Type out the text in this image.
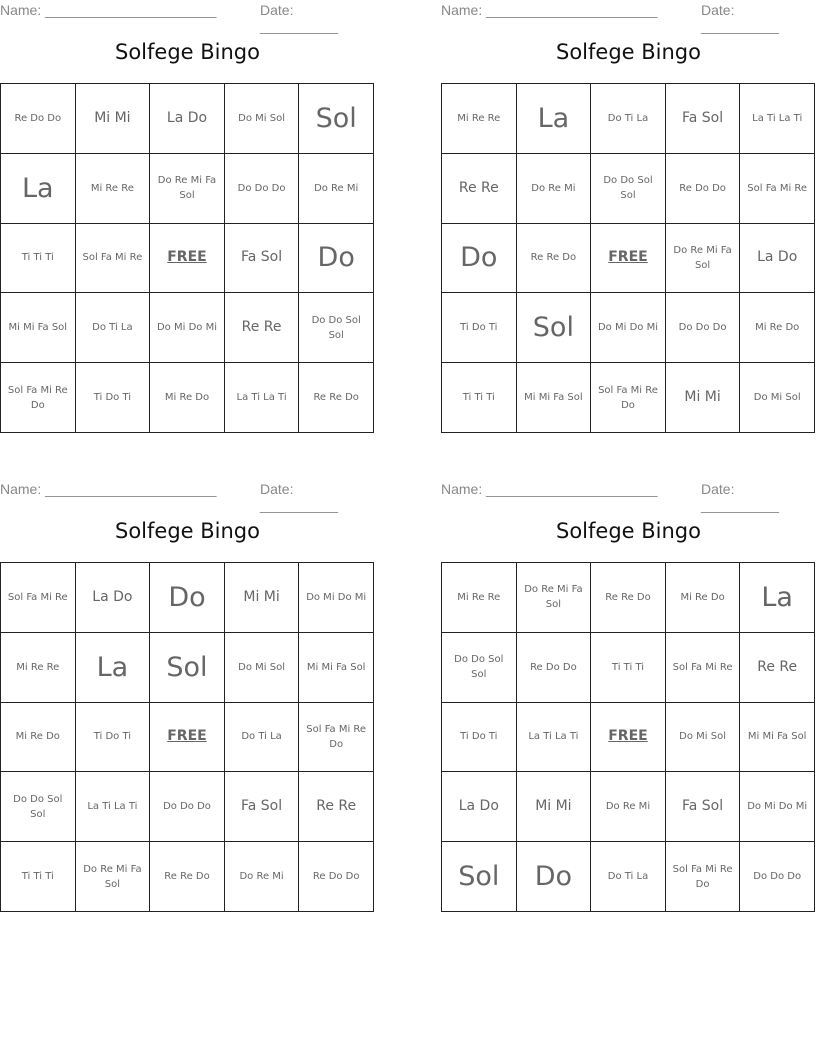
Name: ______________________	Date: __________
Solfege Bingo
Re Do Do	Mi Mi	La Do	Do Mi Sol	Sol
La	Mi Re Re	Do Re Mi Fa Sol	Do Do Do	Do Re Mi
Ti Ti Ti	Sol Fa Mi Re	FREE	Fa Sol	Do
Mi Mi Fa Sol	Do Ti La	Do Mi Do Mi	Re Re	Do Do Sol Sol
Sol Fa Mi Re Do	Ti Do Ti	Mi Re Do	La Ti La Ti	Re Re Do
Name: ______________________	Date: __________
Solfege Bingo
Mi Re Re	La	Do Ti La	Fa Sol	La Ti La Ti
Re Re	Do Re Mi	Do Do Sol Sol	Re Do Do	Sol Fa Mi Re
Do	Re Re Do	FREE	Do Re Mi Fa Sol	La Do
Ti Do Ti	Sol	Do Mi Do Mi	Do Do Do	Mi Re Do
Ti Ti Ti	Mi Mi Fa Sol	Sol Fa Mi Re Do	Mi Mi	Do Mi Sol
Name: ______________________	Date: __________
Solfege Bingo
Sol Fa Mi Re	La Do	Do	Mi Mi	Do Mi Do Mi
Mi Re Re	La	Sol	Do Mi Sol	Mi Mi Fa Sol
Mi Re Do	Ti Do Ti	FREE	Do Ti La	Sol Fa Mi Re Do
Do Do Sol Sol	La Ti La Ti	Do Do Do	Fa Sol	Re Re
Ti Ti Ti	Do Re Mi Fa Sol	Re Re Do	Do Re Mi	Re Do Do
Name: ______________________	Date: __________
Solfege Bingo
Mi Re Re	Do Re Mi Fa Sol	Re Re Do	Mi Re Do	La
Do Do Sol Sol	Re Do Do	Ti Ti Ti	Sol Fa Mi Re	Re Re
Ti Do Ti	La Ti La Ti	FREE	Do Mi Sol	Mi Mi Fa Sol
La Do	Mi Mi	Do Re Mi	Fa Sol	Do Mi Do Mi
Sol	Do	Do Ti La	Sol Fa Mi Re Do	Do Do Do
